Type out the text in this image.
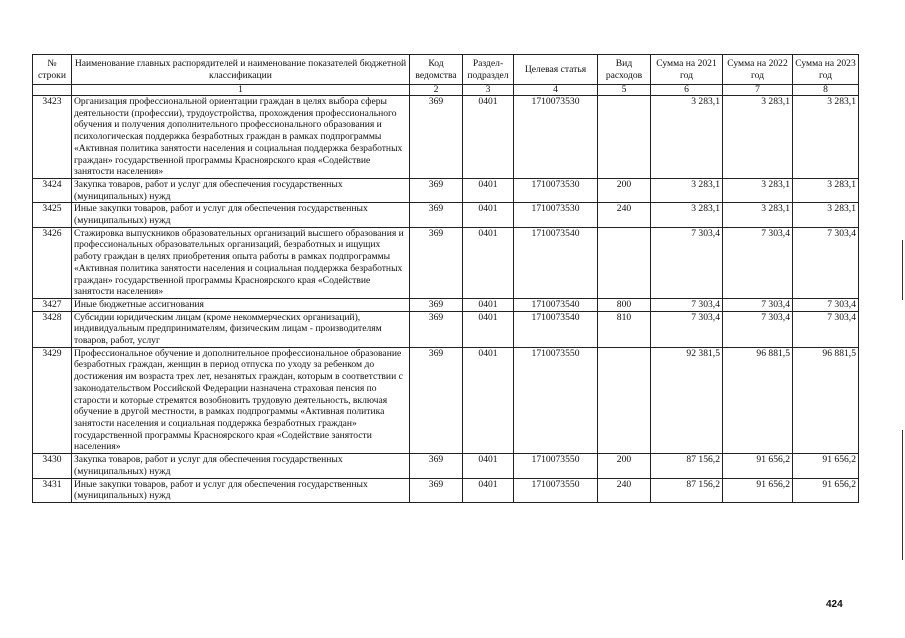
№ строки	Наименование главных распорядителей и наименование показателей бюджетной классификации	Код ведомства	Раздел-подраздел	Целевая статья	Вид расходов	Сумма на 2021 год	Сумма на 2022 год	Сумма на 2023 год
	1	2	3	4	5	6	7	8
3423	Организация профессиональной ориентации граждан в целях выбора сферы деятельности (профессии), трудоустройства, прохождения профессионального обучения и получения дополнительного профессионального образования и психологическая поддержка безработных граждан в рамках подпрограммы «Активная политика занятости населения и социальная поддержка безработных граждан» государственной программы Красноярского края «Содействие занятости населения»	369	0401	1710073530		3 283,1	3 283,1	3 283,1
3424	Закупка товаров, работ и услуг для обеспечения государственных (муниципальных) нужд	369	0401	1710073530	200	3 283,1	3 283,1	3 283,1
3425	Иные закупки товаров, работ и услуг для обеспечения государственных (муниципальных) нужд	369	0401	1710073530	240	3 283,1	3 283,1	3 283,1
3426	Стажировка выпускников образовательных организаций высшего образования и профессиональных образовательных организаций, безработных и ищущих работу граждан в целях приобретения опыта работы в рамках подпрограммы «Активная политика занятости населения и социальная поддержка безработных граждан» государственной программы Красноярского края «Содействие занятости населения»	369	0401	1710073540		7 303,4	7 303,4	7 303,4
3427	Иные бюджетные ассигнования	369	0401	1710073540	800	7 303,4	7 303,4	7 303,4
3428	Субсидии юридическим лицам (кроме некоммерческих организаций), индивидуальным предпринимателям, физическим лицам - производителям товаров, работ, услуг	369	0401	1710073540	810	7 303,4	7 303,4	7 303,4
3429	Профессиональное обучение и дополнительное профессиональное образование безработных граждан, женщин в период отпуска по уходу за ребенком до достижения им возраста трех лет, незанятых граждан, которым в соответствии с законодательством Российской Федерации назначена страховая пенсия по старости и которые стремятся возобновить трудовую деятельность, включая обучение в другой местности, в рамках подпрограммы «Активная политика занятости населения и социальная поддержка безработных граждан» государственной программы Красноярского края «Содействие занятости населения»	369	0401	1710073550		92 381,5	96 881,5	96 881,5
3430	Закупка товаров, работ и услуг для обеспечения государственных (муниципальных) нужд	369	0401	1710073550	200	87 156,2	91 656,2	91 656,2
3431	Иные закупки товаров, работ и услуг для обеспечения государственных (муниципальных) нужд	369	0401	1710073550	240	87 156,2	91 656,2	91 656,2
424
